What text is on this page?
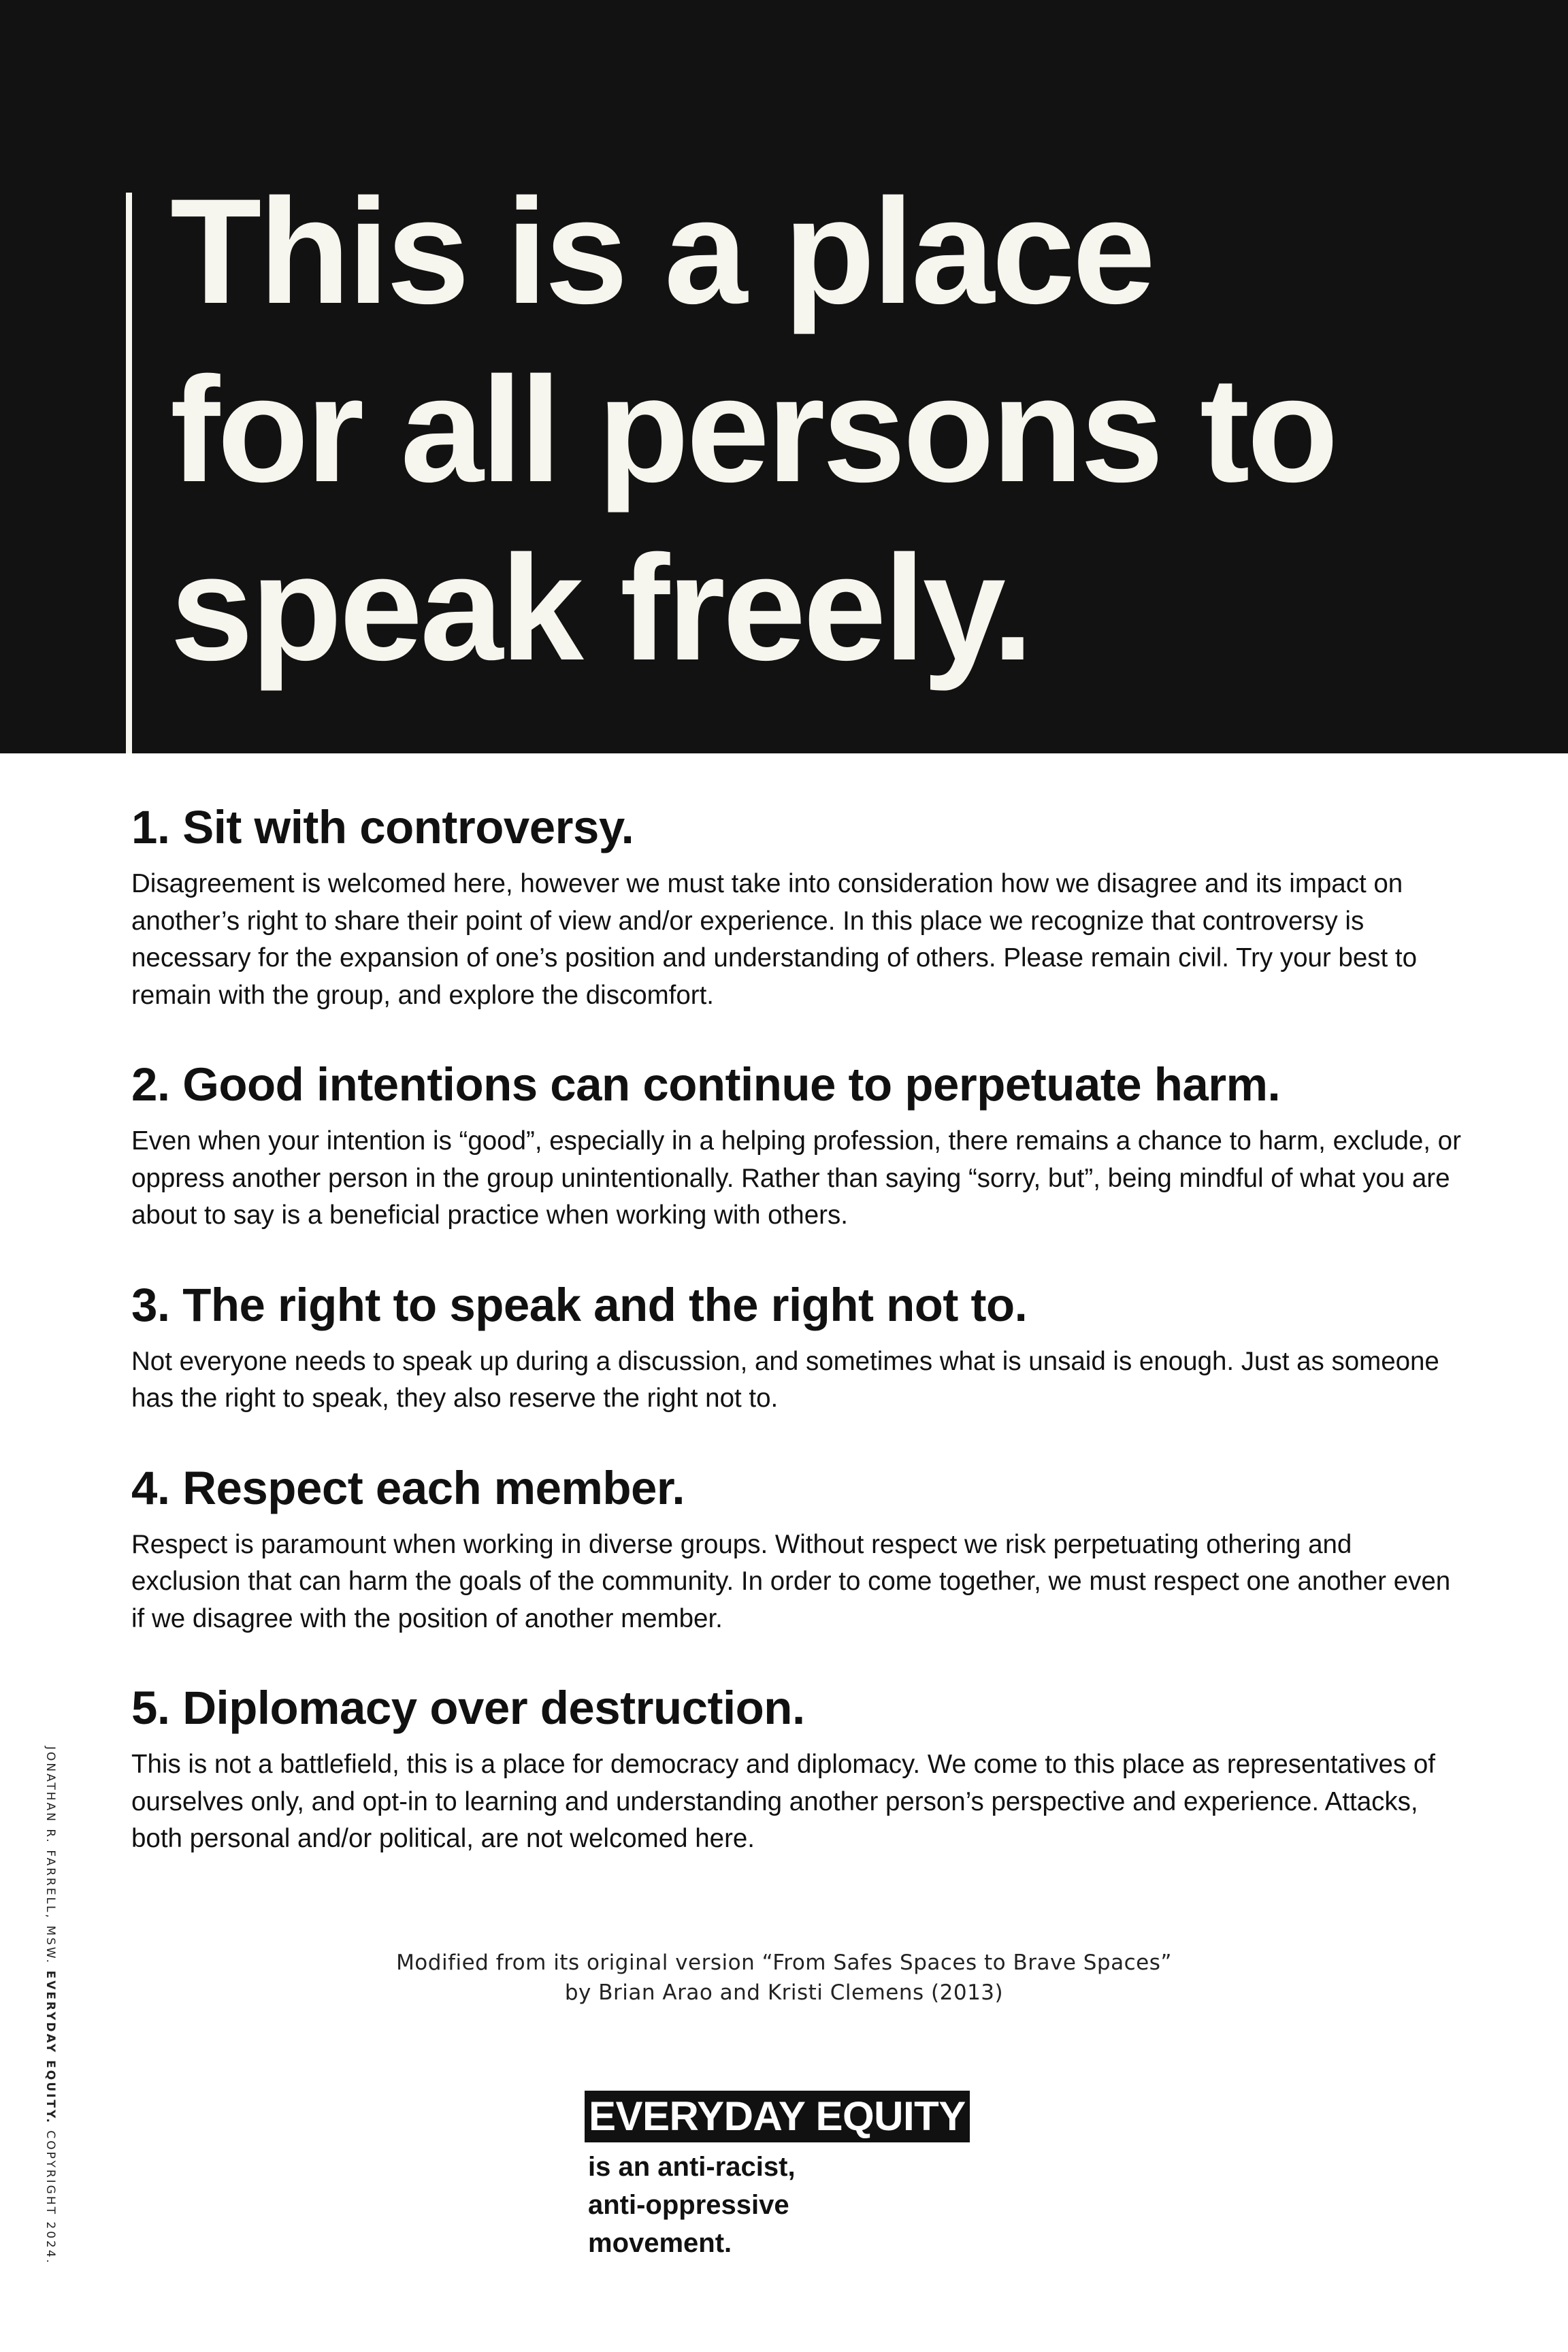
This is a place
for all persons to
speak freely.
1. Sit with controversy.

Disagreement is welcomed here, however we must take into consideration how we disagree and its impact on another’s right to share their point of view and/or experience. In this place we recognize that controversy is necessary for the expansion of one’s position and understanding of others. Please remain civil. Try your best to remain with the group, and explore the discomfort.

2. Good intentions can continue to perpetuate harm.

Even when your intention is “good”, especially in a helping profession, there remains a chance to harm, exclude, or oppress another person in the group unintentionally. Rather than saying “sorry, but”, being mindful of what you are about to say is a beneficial practice when working with others.

3. The right to speak and the right not to.

Not everyone needs to speak up during a discussion, and sometimes what is unsaid is enough. Just as someone has the right to speak, they also reserve the right not to.

4. Respect each member.

Respect is paramount when working in diverse groups. Without respect we risk perpetuating othering and exclusion that can harm the goals of the community. In order to come together, we must respect one another even if we disagree with the position of another member.

5. Diplomacy over destruction.

This is not a battlefield, this is a place for democracy and diplomacy. We come to this place as representatives of ourselves only, and opt-in to learning and understanding another person’s perspective and experience. Attacks, both personal and/or political, are not welcomed here.

Modified from its original version “From Safes Spaces to Brave Spaces”
by Brian Arao and Kristi Clemens (2013)
EVERYDAY EQUITY
is an anti-racist,
anti-oppressive
movement.
JONATHAN R. FARRELL, MSW. EVERYDAY EQUITY. COPYRIGHT 2024.
